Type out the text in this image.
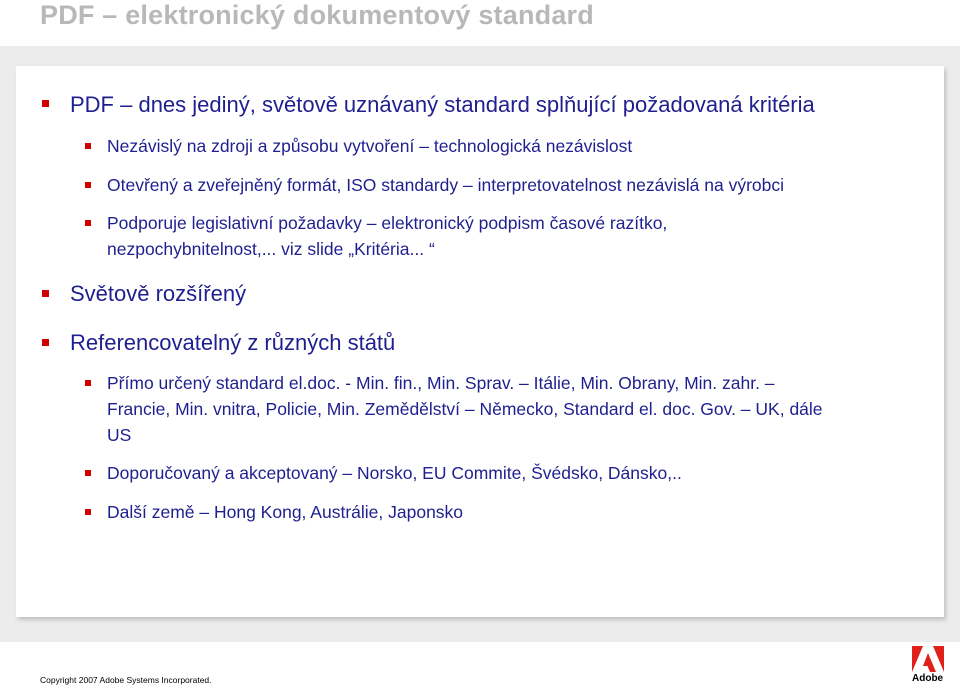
PDF – elektronický dokumentový standard
PDF – dnes jediný, světově uznávaný standard splňující požadovaná kritéria
Nezávislý na zdroji a způsobu vytvoření – technologická nezávislost
Otevřený a zveřejněný formát, ISO standardy – interpretovatelnost nezávislá na výrobci
Podporuje legislativní požadavky – elektronický podpism časové razítko,
nezpochybnitelnost,... viz slide „Kritéria... “
Světově rozšířený
Referencovatelný z různých států
Přímo určený standard el.doc. - Min. fin., Min. Sprav. – Itálie, Min. Obrany, Min. zahr. –
Francie, Min. vnitra, Policie, Min. Zemědělství – Německo, Standard el. doc. Gov. – UK, dále
US
Doporučovaný a akceptovaný – Norsko, EU Commite, Švédsko, Dánsko,..
Další země – Hong Kong, Austrálie, Japonsko
Copyright 2007 Adobe Systems Incorporated.	Adobe
